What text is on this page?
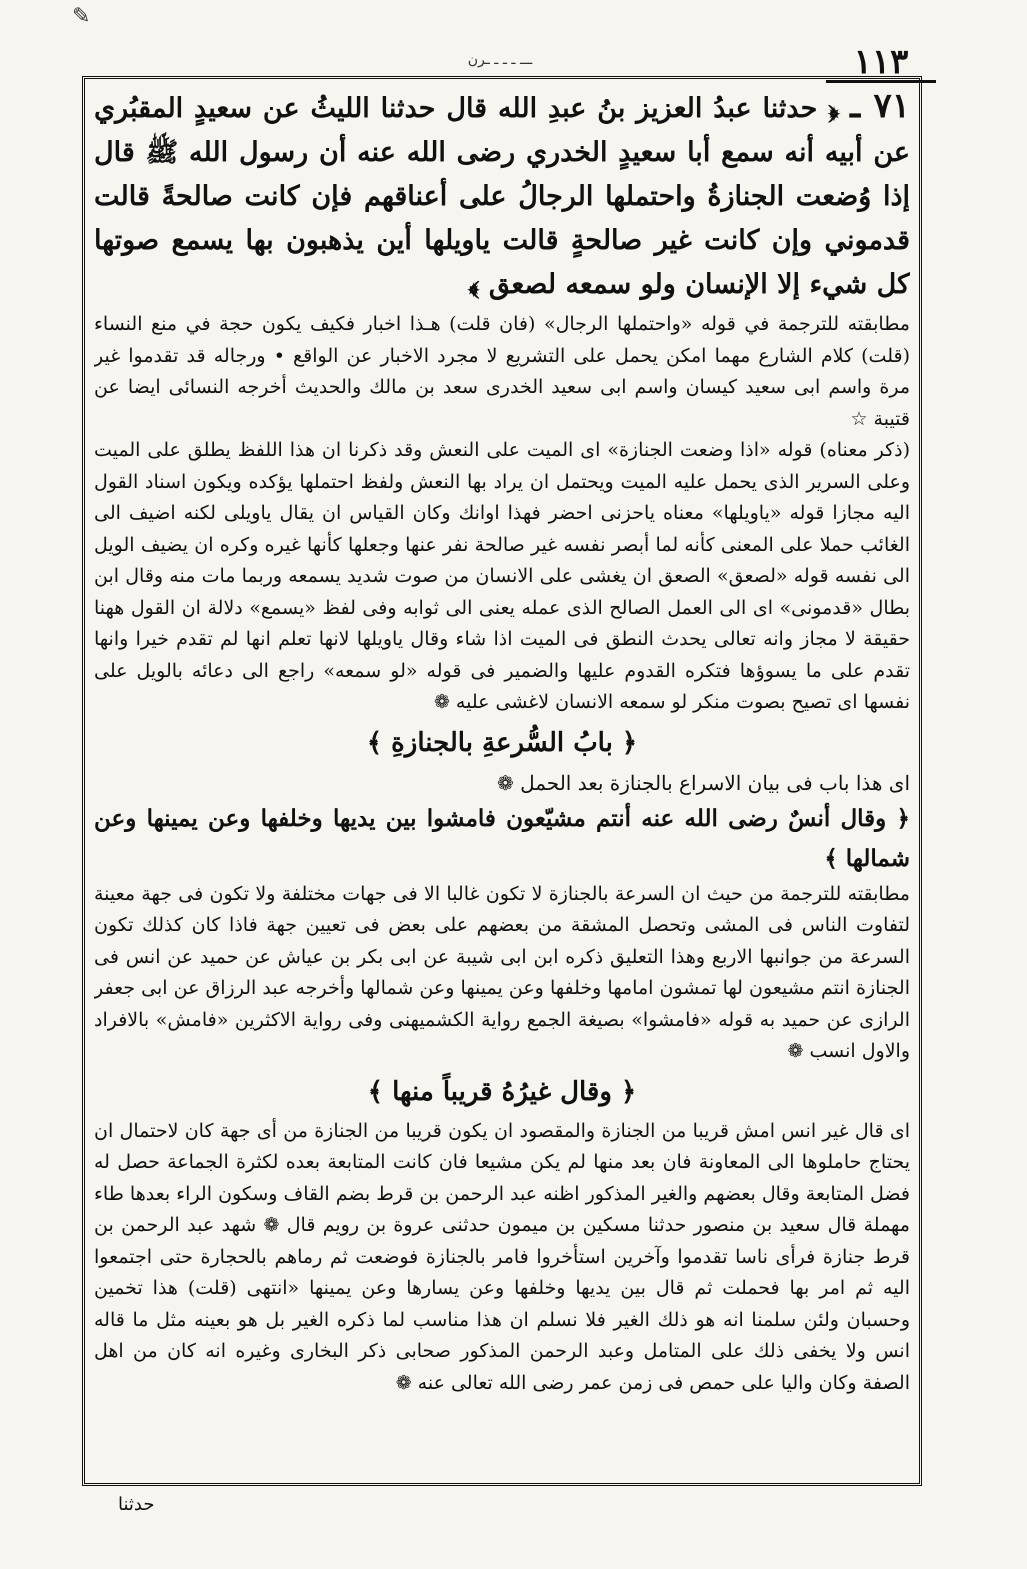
✎
ـــ ـ ـ ـ ـرن	١١٣

٧١ ـ ﴿ حدثنا عبدُ العزيز بنُ عبدِ الله قال حدثنا الليثُ عن سعيدٍ المقبُري عن أبيه أنه سمع أبا سعيدٍ الخدري رضى الله عنه أن رسول الله ﷺ قال إذا وُضعت الجنازةُ واحتملها الرجالُ على أعناقهم فإن كانت صالحةً قالت قدموني وإن كانت غير صالحةٍ قالت ياويلها أين يذهبون بها يسمع صوتها كل شيء إلا الإنسان ولو سمعه لصعق ﴾

مطابقته للترجمة في قوله «واحتملها الرجال» (فان قلت) هـذا اخبار فكيف يكون حجة في منع النساء (قلت) كلام الشارع مهما امكن يحمل على التشريع لا مجرد الاخبار عن الواقع • ورجاله قد تقدموا غير مرة واسم ابى سعيد كيسان واسم ابى سعيد الخدرى سعد بن مالك والحديث أخرجه النسائى ايضا عن قتيبة ☆

(ذكر معناه) قوله «اذا وضعت الجنازة» اى الميت على النعش وقد ذكرنا ان هذا اللفظ يطلق على الميت وعلى السرير الذى يحمل عليه الميت ويحتمل ان يراد بها النعش ولفظ احتملها يؤكده ويكون اسناد القول اليه مجازا قوله «ياويلها» معناه ياحزنى احضر فهذا اوانك وكان القياس ان يقال ياويلى لكنه اضيف الى الغائب حملا على المعنى كأنه لما أبصر نفسه غير صالحة نفر عنها وجعلها كأنها غيره وكره ان يضيف الويل الى نفسه قوله «لصعق» الصعق ان يغشى على الانسان من صوت شديد يسمعه وربما مات منه وقال ابن بطال «قدمونى» اى الى العمل الصالح الذى عمله يعنى الى ثوابه وفى لفظ «يسمع» دلالة ان القول ههنا حقيقة لا مجاز وانه تعالى يحدث النطق فى الميت اذا شاء وقال ياويلها لانها تعلم انها لم تقدم خيرا وانها تقدم على ما يسوؤها فتكره القدوم عليها والضمير فى قوله «لو سمعه» راجع الى دعائه بالويل على نفسها اى تصيح بصوت منكر لو سمعه الانسان لاغشى عليه ❁

﴿ بابُ السُّرعةِ بالجنازةِ ﴾

اى هذا باب فى بيان الاسراع بالجنازة بعد الحمل ❁

﴿ وقال أنسٌ رضى الله عنه أنتم مشيّعون فامشوا بين يديها وخلفها وعن يمينها وعن شمالها ﴾

مطابقته للترجمة من حيث ان السرعة بالجنازة لا تكون غالبا الا فى جهات مختلفة ولا تكون فى جهة معينة لتفاوت الناس فى المشى وتحصل المشقة من بعضهم على بعض فى تعيين جهة فاذا كان كذلك تكون السرعة من جوانبها الاربع وهذا التعليق ذكره ابن ابى شيبة عن ابى بكر بن عياش عن حميد عن انس فى الجنازة انتم مشيعون لها تمشون امامها وخلفها وعن يمينها وعن شمالها وأخرجه عبد الرزاق عن ابى جعفر الرازى عن حميد به قوله «فامشوا» بصيغة الجمع رواية الكشميهنى وفى رواية الاكثرين «فامش» بالافراد والاول انسب ❁

﴿ وقال غيرُهُ قريباً منها ﴾

اى قال غير انس امش قريبا من الجنازة والمقصود ان يكون قريبا من الجنازة من أى جهة كان لاحتمال ان يحتاج حاملوها الى المعاونة فان بعد منها لم يكن مشيعا فان كانت المتابعة بعده لكثرة الجماعة حصل له فضل المتابعة وقال بعضهم والغير المذكور اظنه عبد الرحمن بن قرط بضم القاف وسكون الراء بعدها طاء مهملة قال سعيد بن منصور حدثنا مسكين بن ميمون حدثنى عروة بن رويم قال ❁ شهد عبد الرحمن بن قرط جنازة فرأى ناسا تقدموا وآخرين استأخروا فامر بالجنازة فوضعت ثم رماهم بالحجارة حتى اجتمعوا اليه ثم امر بها فحملت ثم قال بين يديها وخلفها وعن يسارها وعن يمينها «انتهى (قلت) هذا تخمين وحسبان ولئن سلمنا انه هو ذلك الغير فلا نسلم ان هذا مناسب لما ذكره الغير بل هو بعينه مثل ما قاله انس ولا يخفى ذلك على المتامل وعبد الرحمن المذكور صحابى ذكر البخارى وغيره انه كان من اهل الصفة وكان واليا على حمص فى زمن عمر رضى الله تعالى عنه ❁

حدثنا
